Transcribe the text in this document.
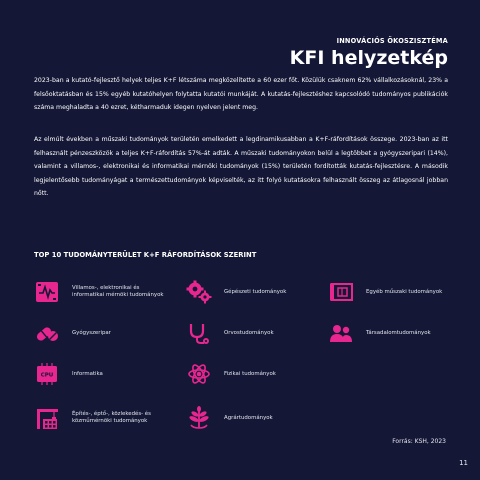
INNOVÁCIÓS ÖKOSZISZTÉMA
KFI helyzetkép
2023-ban a kutató-fejlesztő helyek teljes K+F létszáma megközelítette a 60 ezer főt. Közülük csaknem 62% vállalkozásoknál, 23% a felsőoktatásban és 15% egyéb kutatóhelyen folytatta kutatói munkáját. A kutatás-fejlesztéshez kapcsolódó tudományos publikációk száma meghaladta a 40 ezret, kétharmaduk idegen nyelven jelent meg.
Az elmúlt években a műszaki tudományok területén emelkedett a legdinamikusabban a K+F-ráfordítások összege. 2023-ban az itt felhasznált pénzeszközök a teljes K+F-ráfordítás 57%-át adták. A műszaki tudományokon belül a legtöbbet a gyógyszeripari (14%), valamint a villamos-, elektronikai és informatikai mérnöki tudományok (15%) területén fordították kutatás-fejlesztésre. A második legjelentősebb tudományágat a természettudományok képviselték, az itt folyó kutatásokra felhasznált összeg az átlagosnál jobban nőtt.
TOP 10 TUDOMÁNYTERÜLET K+F RÁFORDÍTÁSOK SZERINT
Villamos-, elektronikai és informatikai mérnöki tudományok
Gépészeti tudományok	Egyéb műszaki tudományok
Gyógyszeripar	Orvostudományok	Társadalomtudományok
CPU	Informatika	Fizikai tudományok
Építés-, éptő-, közlekedés- és közműmérnöki tudományok
Agrártudományok
Forrás: KSH, 2023
11
